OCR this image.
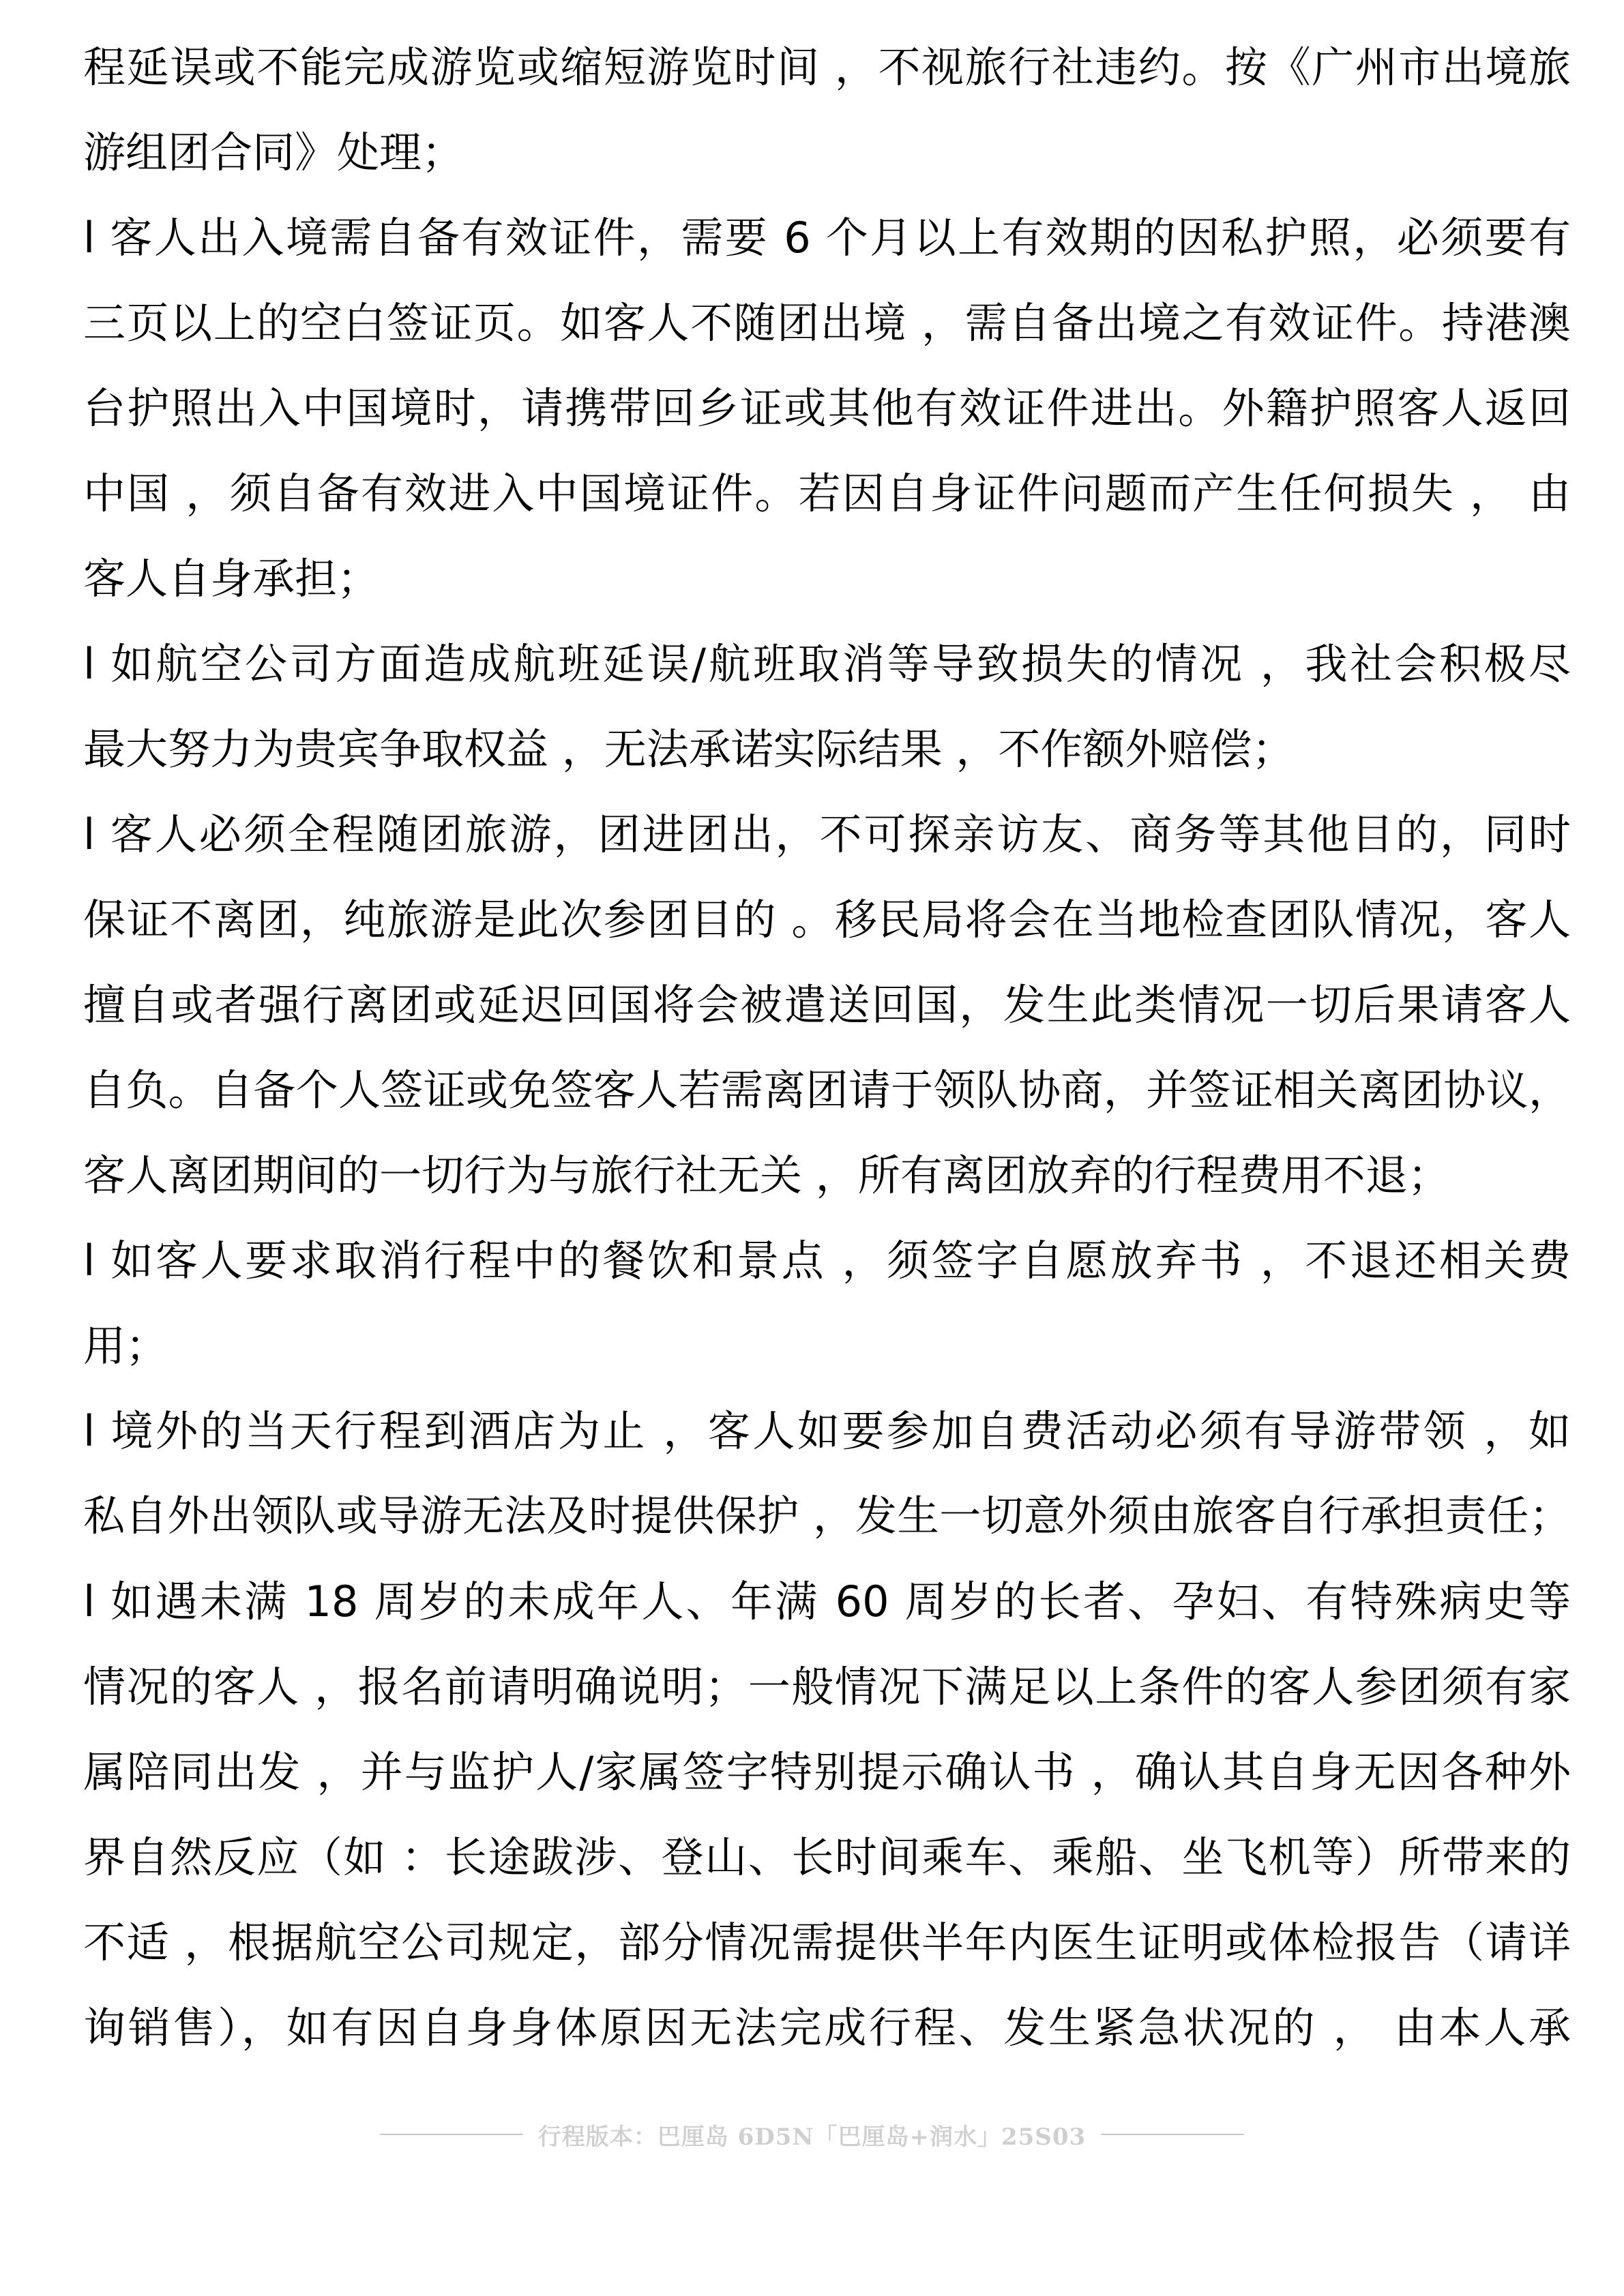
程延误或不能完成游览或缩短游览时间 ，不视旅行社违约。按《广州市出境旅
游组团合同》处理；
l 客人出入境需自备有效证件，需要 6 个月以上有效期的因私护照，必须要有
三页以上的空白签证页。如客人不随团出境 ，需自备出境之有效证件。持港澳
台护照出入中国境时，请携带回乡证或其他有效证件进出。外籍护照客人返回
中国 ，须自备有效进入中国境证件。若因自身证件问题而产生任何损失 ， 由
客人自身承担；
l 如航空公司方面造成航班延误/航班取消等导致损失的情况 ，我社会积极尽
最大努力为贵宾争取权益 ，无法承诺实际结果 ，不作额外赔偿；
l 客人必须全程随团旅游，团进团出，不可探亲访友、商务等其他目的，同时
保证不离团，纯旅游是此次参团目的 。移民局将会在当地检查团队情况，客人
擅自或者强行离团或延迟回国将会被遣送回国，发生此类情况一切后果请客人
自负。自备个人签证或免签客人若需离团请于领队协商，并签证相关离团协议，
客人离团期间的一切行为与旅行社无关 ，所有离团放弃的行程费用不退；
l 如客人要求取消行程中的餐饮和景点 ，须签字自愿放弃书 ，不退还相关费
用；
l 境外的当天行程到酒店为止 ，客人如要参加自费活动必须有导游带领 ，如
私自外出领队或导游无法及时提供保护 ，发生一切意外须由旅客自行承担责任；
l 如遇未满 18 周岁的未成年人、年满 60 周岁的长者、孕妇、有特殊病史等
情况的客人 ，报名前请明确说明；一般情况下满足以上条件的客人参团须有家
属陪同出发 ，并与监护人/家属签字特别提示确认书 ，确认其自身无因各种外
界自然反应（如 ：长途跋涉、登山、长时间乘车、乘船、坐飞机等）所带来的
不适 ，根据航空公司规定，部分情况需提供半年内医生证明或体检报告（请详
询销售），如有因自身身体原因无法完成行程、发生紧急状况的 ， 由本人承
行程版本：巴厘岛 6D5N「巴厘岛+润水」25S03
